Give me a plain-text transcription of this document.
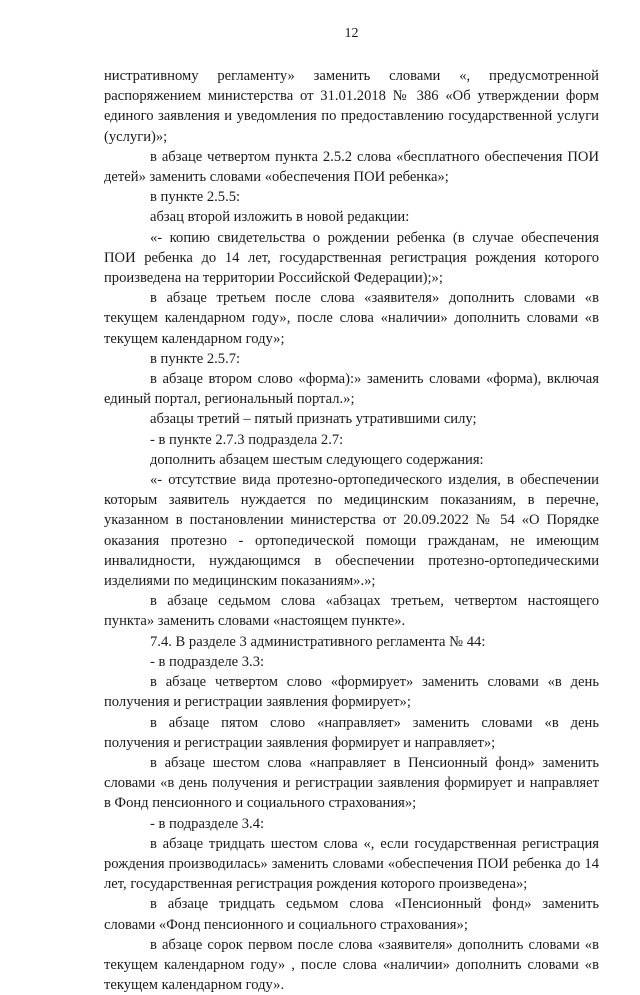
12

нистративному регламенту» заменить словами «, предусмотренной распоряжением министерства от 31.01.2018 № 386 «Об утверждении форм единого заявления и уведомления по предоставлению государственной услуги (услуги)»;

в абзаце четвертом пункта 2.5.2 слова «бесплатного обеспечения ПОИ детей» заменить словами «обеспечения ПОИ ребенка»;

в пункте 2.5.5:

абзац второй изложить в новой редакции:

«- копию свидетельства о рождении ребенка (в случае обеспечения ПОИ ребенка до 14 лет, государственная регистрация рождения которого произведена на территории Российской Федерации);»;

в абзаце третьем после слова «заявителя» дополнить словами «в текущем календарном году», после слова «наличии» дополнить словами «в текущем календарном году»;

в пункте 2.5.7:

в абзаце втором слово «форма):» заменить словами «форма), включая единый портал, региональный портал.»;

абзацы третий – пятый признать утратившими силу;

- в пункте 2.7.3 подраздела 2.7:

дополнить абзацем шестым следующего содержания:

«- отсутствие вида протезно-ортопедического изделия, в обеспечении которым заявитель нуждается по медицинским показаниям, в перечне, указанном в постановлении министерства от 20.09.2022 № 54 «О Порядке оказания протезно - ортопедической помощи гражданам, не имеющим инвалидности, нуждающимся в обеспечении протезно-ортопедическими изделиями по медицинским показаниям».»;

в абзаце седьмом слова «абзацах третьем, четвертом настоящего пункта» заменить словами «настоящем пункте».

7.4. В разделе 3 административного регламента № 44:

- в подразделе 3.3:

в абзаце четвертом слово «формирует» заменить словами «в день получения и регистрации заявления формирует»;

в абзаце пятом слово «направляет» заменить словами «в день получения и регистрации заявления формирует и направляет»;

в абзаце шестом слова «направляет в Пенсионный фонд» заменить словами «в день получения и регистрации заявления формирует и направляет в Фонд пенсионного и социального страхования»;

- в подразделе 3.4:

в абзаце тридцать шестом слова «, если государственная регистрация рождения производилась» заменить словами «обеспечения ПОИ ребенка до 14 лет, государственная регистрация рождения которого произведена»;

в абзаце тридцать седьмом слова «Пенсионный фонд» заменить словами «Фонд пенсионного и социального страхования»;

в абзаце сорок первом после слова «заявителя» дополнить словами «в текущем календарном году» , после слова «наличии» дополнить словами «в текущем календарном году».
